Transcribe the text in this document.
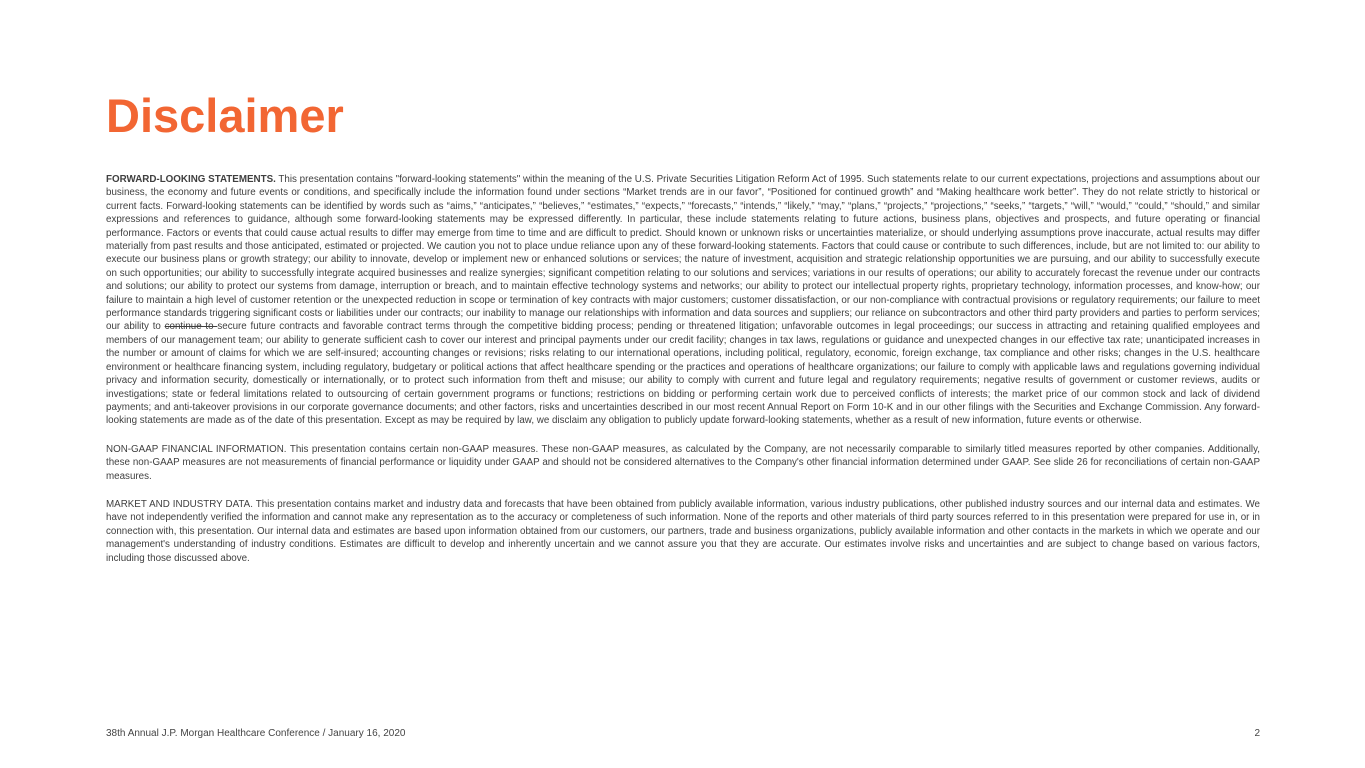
Disclaimer

FORWARD-LOOKING STATEMENTS. This presentation contains "forward-looking statements" within the meaning of the U.S. Private Securities Litigation Reform Act of 1995. Such statements relate to our current expectations, projections and assumptions about our business, the economy and future events or conditions, and specifically include the information found under sections “Market trends are in our favor”, “Positioned for continued growth” and “Making healthcare work better”. They do not relate strictly to historical or current facts. Forward-looking statements can be identified by words such as “aims,” “anticipates,” “believes,” “estimates,” “expects,” “forecasts,” “intends,” “likely,” “may,” “plans,” “projects,” “projections,” “seeks,” “targets,” “will,” “would,” “could,” “should,” and similar expressions and references to guidance, although some forward-looking statements may be expressed differently. In particular, these include statements relating to future actions, business plans, objectives and prospects, and future operating or financial performance. Factors or events that could cause actual results to differ may emerge from time to time and are difficult to predict. Should known or unknown risks or uncertainties materialize, or should underlying assumptions prove inaccurate, actual results may differ materially from past results and those anticipated, estimated or projected. We caution you not to place undue reliance upon any of these forward-looking statements. Factors that could cause or contribute to such differences, include, but are not limited to: our ability to execute our business plans or growth strategy; our ability to innovate, develop or implement new or enhanced solutions or services; the nature of investment, acquisition and strategic relationship opportunities we are pursuing, and our ability to successfully execute on such opportunities; our ability to successfully integrate acquired businesses and realize synergies; significant competition relating to our solutions and services; variations in our results of operations; our ability to accurately forecast the revenue under our contracts and solutions; our ability to protect our systems from damage, interruption or breach, and to maintain effective technology systems and networks; our ability to protect our intellectual property rights, proprietary technology, information processes, and know-how; our failure to maintain a high level of customer retention or the unexpected reduction in scope or termination of key contracts with major customers; customer dissatisfaction, or our non-compliance with contractual provisions or regulatory requirements; our failure to meet performance standards triggering significant costs or liabilities under our contracts; our inability to manage our relationships with information and data sources and suppliers; our reliance on subcontractors and other third party providers and parties to perform services; our ability to continue to secure future contracts and favorable contract terms through the competitive bidding process; pending or threatened litigation; unfavorable outcomes in legal proceedings; our success in attracting and retaining qualified employees and members of our management team; our ability to generate sufficient cash to cover our interest and principal payments under our credit facility; changes in tax laws, regulations or guidance and unexpected changes in our effective tax rate; unanticipated increases in the number or amount of claims for which we are self-insured; accounting changes or revisions; risks relating to our international operations, including political, regulatory, economic, foreign exchange, tax compliance and other risks; changes in the U.S. healthcare environment or healthcare financing system, including regulatory, budgetary or political actions that affect healthcare spending or the practices and operations of healthcare organizations; our failure to comply with applicable laws and regulations governing individual privacy and information security, domestically or internationally, or to protect such information from theft and misuse; our ability to comply with current and future legal and regulatory requirements; negative results of government or customer reviews, audits or investigations; state or federal limitations related to outsourcing of certain government programs or functions; restrictions on bidding or performing certain work due to perceived conflicts of interests; the market price of our common stock and lack of dividend payments; and anti-takeover provisions in our corporate governance documents; and other factors, risks and uncertainties described in our most recent Annual Report on Form 10-K and in our other filings with the Securities and Exchange Commission. Any forward-looking statements are made as of the date of this presentation. Except as may be required by law, we disclaim any obligation to publicly update forward-looking statements, whether as a result of new information, future events or otherwise.

NON-GAAP FINANCIAL INFORMATION. This presentation contains certain non-GAAP measures. These non-GAAP measures, as calculated by the Company, are not necessarily comparable to similarly titled measures reported by other companies. Additionally, these non-GAAP measures are not measurements of financial performance or liquidity under GAAP and should not be considered alternatives to the Company's other financial information determined under GAAP. See slide 26 for reconciliations of certain non-GAAP measures.

MARKET AND INDUSTRY DATA. This presentation contains market and industry data and forecasts that have been obtained from publicly available information, various industry publications, other published industry sources and our internal data and estimates. We have not independently verified the information and cannot make any representation as to the accuracy or completeness of such information. None of the reports and other materials of third party sources referred to in this presentation were prepared for use in, or in connection with, this presentation. Our internal data and estimates are based upon information obtained from our customers, our partners, trade and business organizations, publicly available information and other contacts in the markets in which we operate and our management's understanding of industry conditions. Estimates are difficult to develop and inherently uncertain and we cannot assure you that they are accurate. Our estimates involve risks and uncertainties and are subject to change based on various factors, including those discussed above.

38th Annual J.P. Morgan Healthcare Conference / January 16, 2020	2
